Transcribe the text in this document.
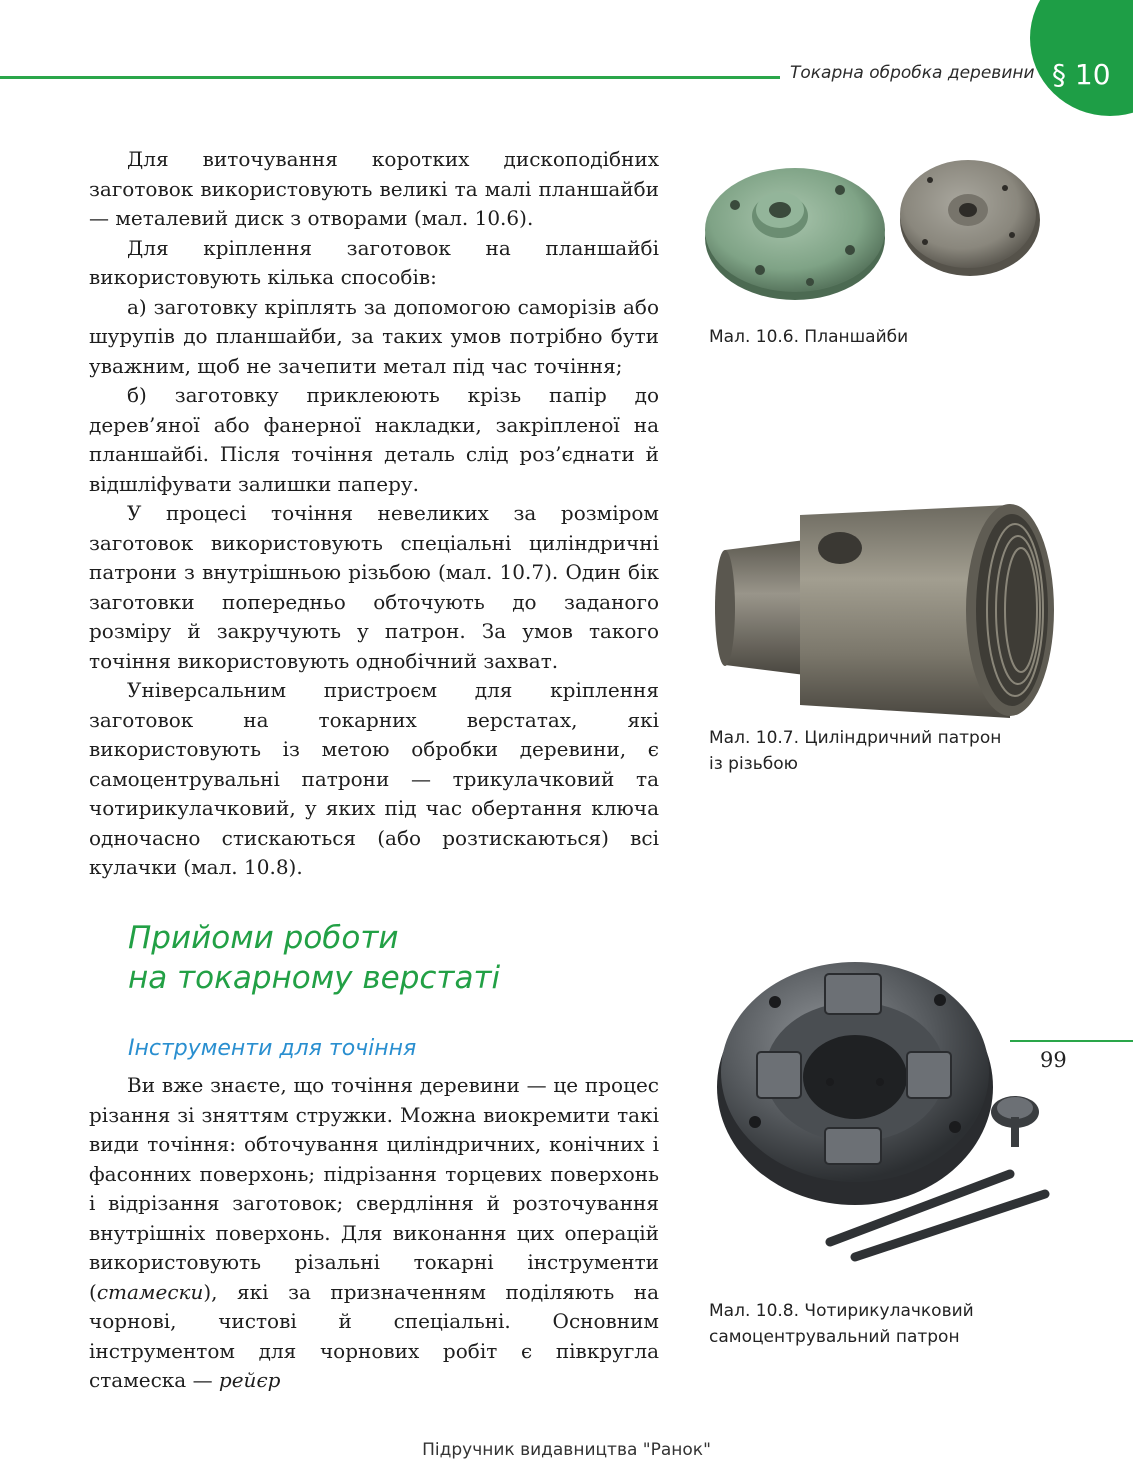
Токарна обробка деревини § 10

Для виточування коротких дископодібних заготовок використовують великі та малі планшайби — металевий диск з отворами (мал. 10.6).

Для кріплення заготовок на планшайбі використовують кілька способів:

а) заготовку кріплять за допомогою саморізів або шурупів до планшайби, за таких умов потрібно бути уважним, щоб не зачепити метал під час точіння;

б) заготовку приклеюють крізь папір до дерев’яної або фанерної накладки, закріпленої на планшайбі. Після точіння деталь слід роз’єднати й відшліфувати залишки паперу.

У процесі точіння невеликих за розміром заготовок використовують спеціальні циліндричні патрони з внутрішньою різьбою (мал. 10.7). Один бік заготовки попередньо обточують до заданого розміру й закручують у патрон. За умов такого точіння використовують однобічний захват.

Універсальним пристроєм для кріплення заготовок на токарних верстатах, які використовують із метою обробки деревини, є самоцентрувальні патрони — трикулачковий та чотирикулачковий, у яких під час обертання ключа одночасно стискаються (або розтискаються) всі кулачки (мал. 10.8).

Прийоми роботи
на токарному верстаті
Інструменти для точіння

Ви вже знаєте, що точіння деревини — це процес різання зі зняттям стружки. Можна виокремити такі види точіння: обточування циліндричних, конічних і фасонних поверхонь; підрізання торцевих поверхонь і відрізання заготовок; свердління й розточування внутрішніх поверхонь. Для виконання цих операцій використовують різальні токарні інструменти (стамески), які за призначенням поділяють на чорнові, чистові й спеціальні. Основним інструментом для чорнових робіт є півкругла стамеска — рейєр

Мал. 10.6. Планшайби
Мал. 10.7. Циліндричний патрон
із різьбою
Мал. 10.8. Чотирикулачковий
самоцентрувальний патрон
99
Підручник видавництва "Ранок"
